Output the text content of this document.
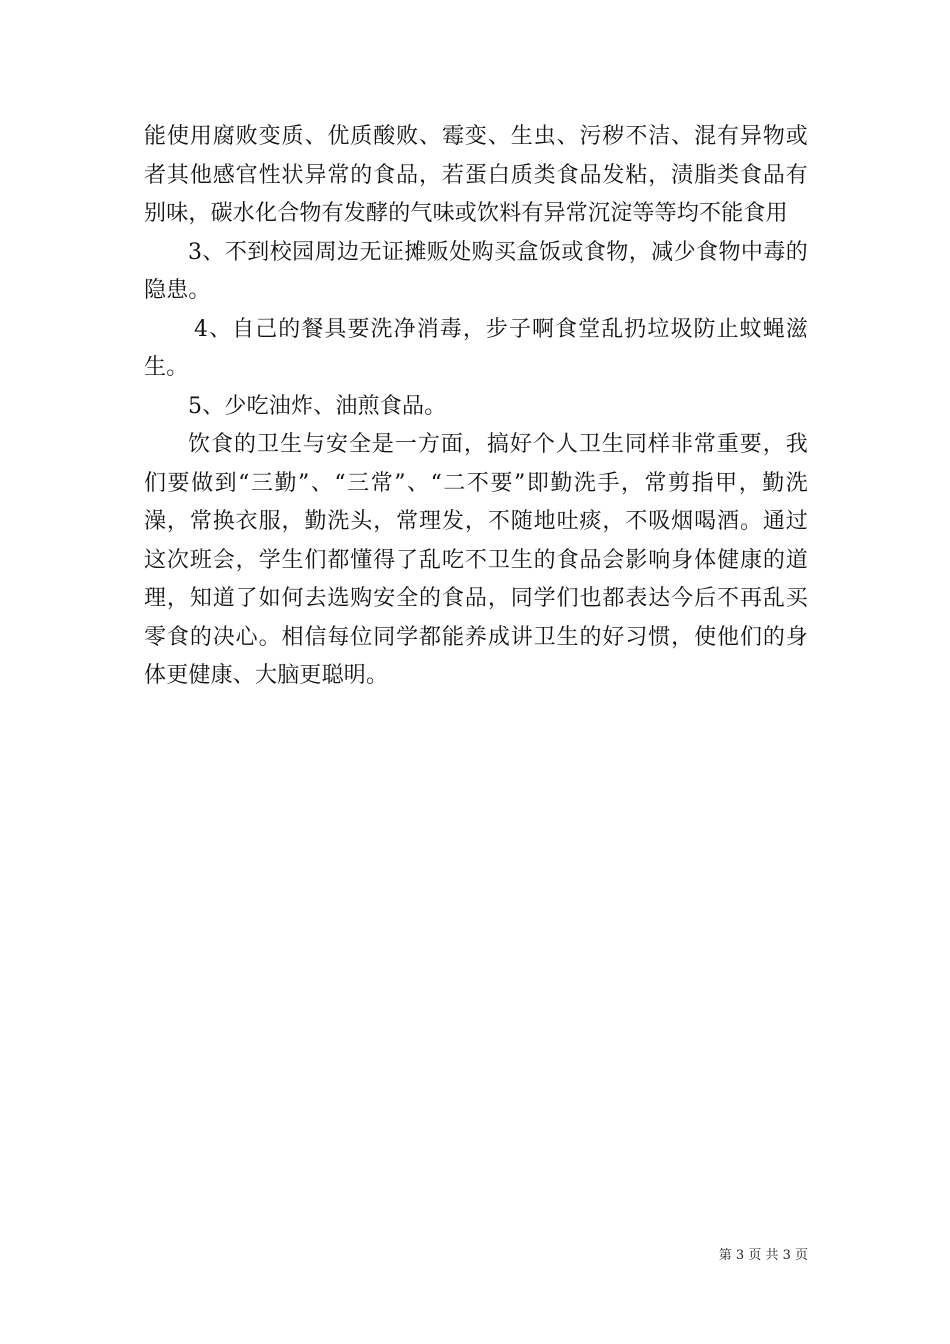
能使用腐败变质、优质酸败、霉变、生虫、污秽不洁、混有异物或者其他感官性状异常的食品，若蛋白质类食品发粘，渍脂类食品有别味，碳水化合物有发酵的气味或饮料有异常沉淀等等均不能食用

3、不到校园周边无证摊贩处购买盒饭或食物，减少食物中毒的隐患。

4、自己的餐具要洗净消毒，步子啊食堂乱扔垃圾防止蚊蝇滋生。

5、少吃油炸、油煎食品。

饮食的卫生与安全是一方面，搞好个人卫生同样非常重要，我们要做到“三勤”、“三常”、“二不要”即勤洗手，常剪指甲，勤洗澡，常换衣服，勤洗头，常理发，不随地吐痰，不吸烟喝酒。通过这次班会，学生们都懂得了乱吃不卫生的食品会影响身体健康的道理，知道了如何去选购安全的食品，同学们也都表达今后不再乱买零食的决心。相信每位同学都能养成讲卫生的好习惯，使他们的身体更健康、大脑更聪明。

第 3 页 共 3 页
